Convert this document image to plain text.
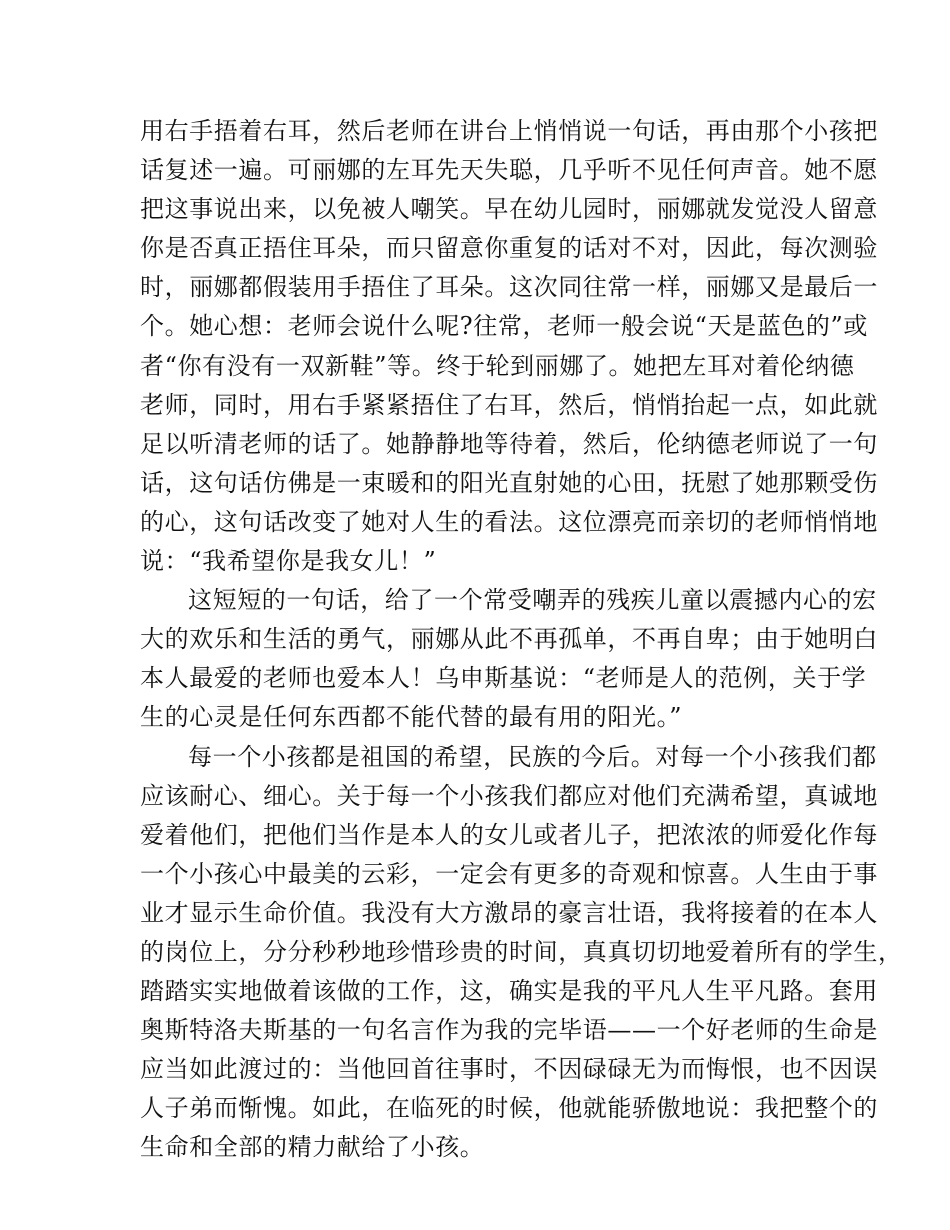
用右手捂着右耳，然后老师在讲台上悄悄说一句话，再由那个小孩把
话复述一遍。可丽娜的左耳先天失聪，几乎听不见任何声音。她不愿
把这事说出来，以免被人嘲笑。早在幼儿园时，丽娜就发觉没人留意
你是否真正捂住耳朵，而只留意你重复的话对不对，因此，每次测验
时，丽娜都假装用手捂住了耳朵。这次同往常一样，丽娜又是最后一
个。她心想：老师会说什么呢?往常，老师一般会说“天是蓝色的”或
者“你有没有一双新鞋”等。终于轮到丽娜了。她把左耳对着伦纳德
老师，同时，用右手紧紧捂住了右耳，然后，悄悄抬起一点，如此就
足以听清老师的话了。她静静地等待着，然后，伦纳德老师说了一句
话，这句话仿佛是一束暖和的阳光直射她的心田，抚慰了她那颗受伤
的心，这句话改变了她对人生的看法。这位漂亮而亲切的老师悄悄地
说：“我希望你是我女儿！”
这短短的一句话，给了一个常受嘲弄的残疾儿童以震撼内心的宏
大的欢乐和生活的勇气，丽娜从此不再孤单，不再自卑；由于她明白
本人最爱的老师也爱本人！乌申斯基说：“老师是人的范例，关于学
生的心灵是任何东西都不能代替的最有用的阳光。”
每一个小孩都是祖国的希望，民族的今后。对每一个小孩我们都
应该耐心、细心。关于每一个小孩我们都应对他们充满希望，真诚地
爱着他们，把他们当作是本人的女儿或者儿子，把浓浓的师爱化作每
一个小孩心中最美的云彩，一定会有更多的奇观和惊喜。人生由于事
业才显示生命价值。我没有大方激昂的豪言壮语，我将接着的在本人
的岗位上，分分秒秒地珍惜珍贵的时间，真真切切地爱着所有的学生，
踏踏实实地做着该做的工作，这，确实是我的平凡人生平凡路。套用
奥斯特洛夫斯基的一句名言作为我的完毕语——一个好老师的生命是
应当如此渡过的：当他回首往事时，不因碌碌无为而悔恨，也不因误
人子弟而惭愧。如此，在临死的时候，他就能骄傲地说：我把整个的
生命和全部的精力献给了小孩。
